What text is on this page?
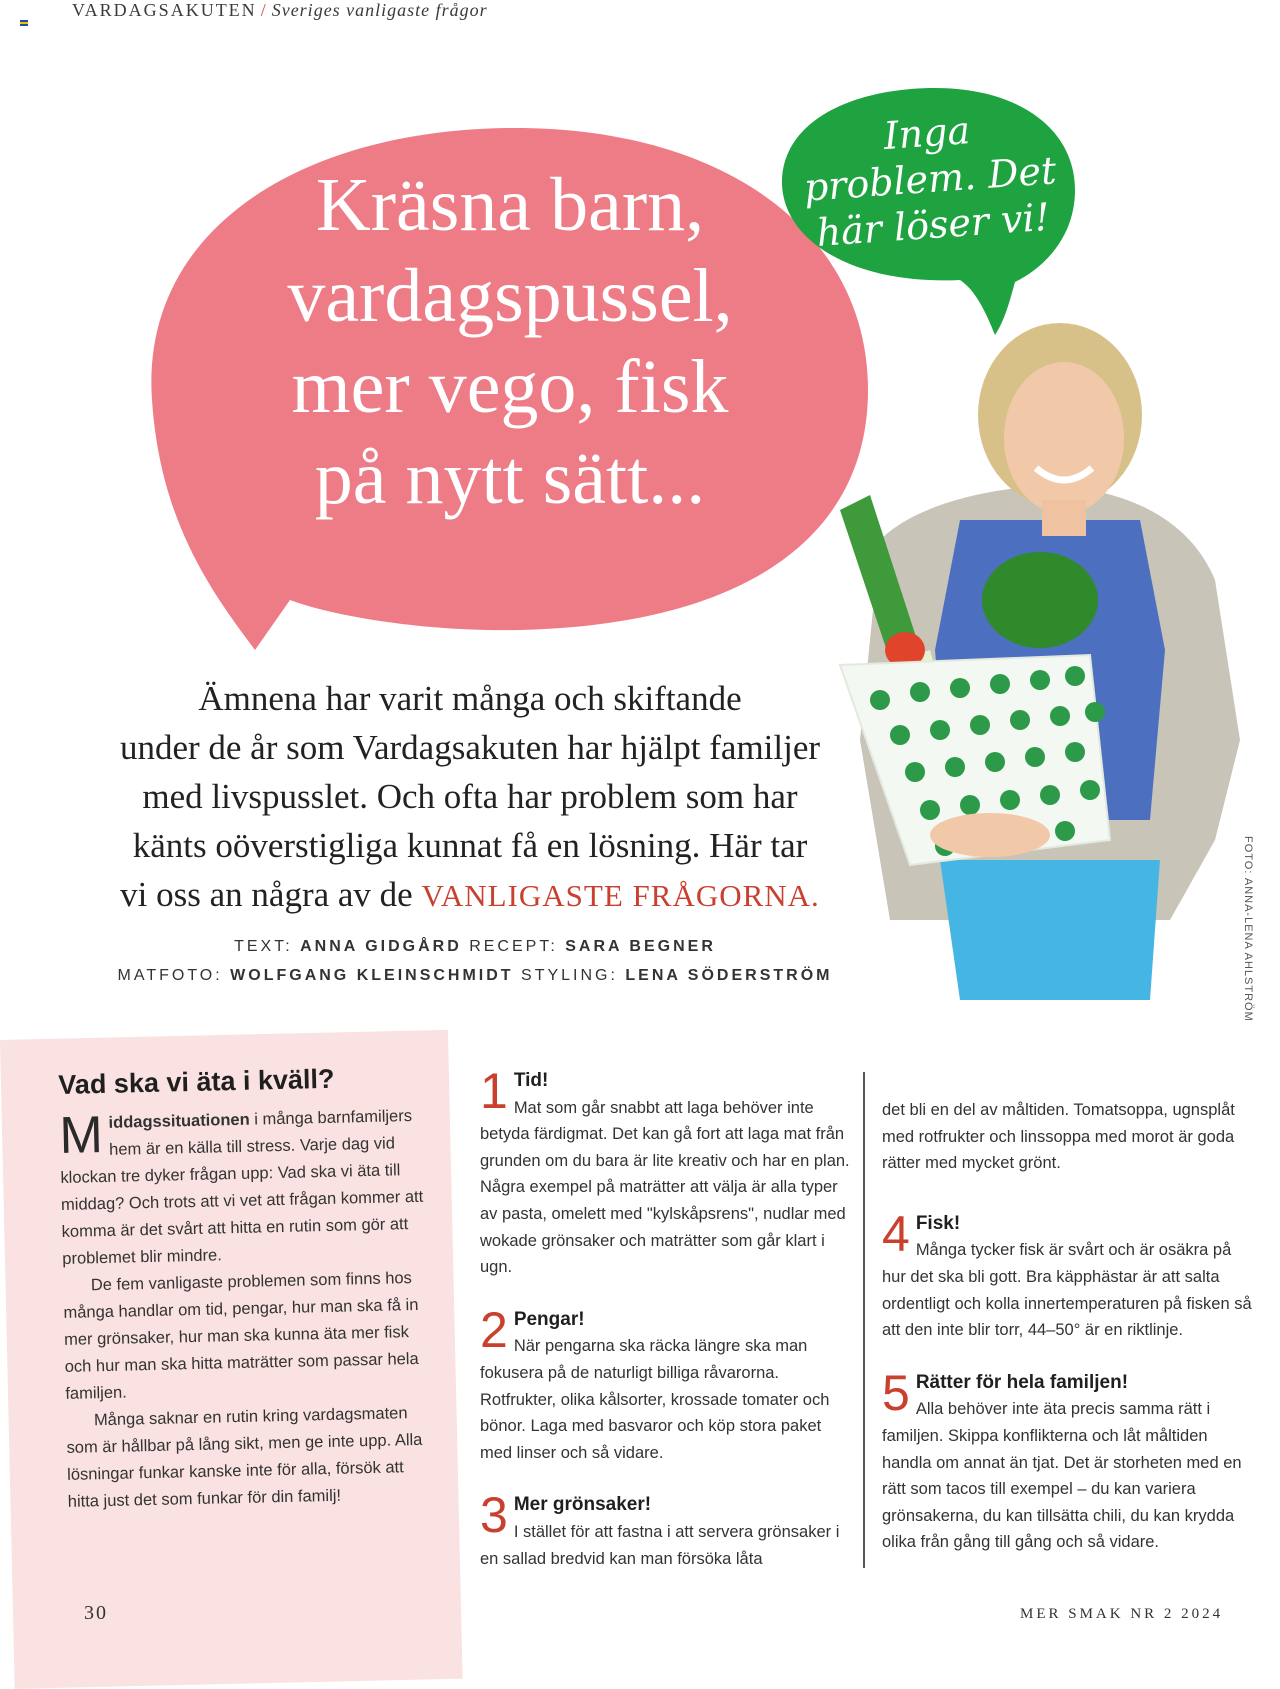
VARDAGSAKUTEN / Sveriges vanligaste frågor
Kräsna barn,
vardagspussel,
mer vego, fisk
på nytt sätt...
Inga
problem. Det
här löser vi!
Ämnena har varit många och skiftande
under de år som Vardagsakuten har hjälpt familjer
med livspusslet. Och ofta har problem som har
känts oöverstigliga kunnat få en lösning. Här tar
vi oss an några av de VANLIGASTE FRÅGORNA.
TEXT: ANNA GIDGÅRD RECEPT: SARA BEGNER
MATFOTO: WOLFGANG KLEINSCHMIDT STYLING: LENA SÖDERSTRÖM	FOTO: ANNA-LENA AHLSTRÖM
Vad ska vi äta i kväll?

Middagssituationen i många barnfamiljers hem är en källa till stress. Varje dag vid klockan tre dyker frågan upp: Vad ska vi äta till middag? Och trots att vi vet att frågan kommer att komma är det svårt att hitta en rutin som gör att problemet blir mindre.

De fem vanligaste problemen som finns hos många handlar om tid, pengar, hur man ska få in mer grönsaker, hur man ska kunna äta mer fisk och hur man ska hitta maträtter som passar hela familjen.

Många saknar en rutin kring vardagsmaten som är hållbar på lång sikt, men ge inte upp. Alla lösningar funkar kanske inte för alla, försök att hitta just det som funkar för din familj!

1 Tid!

Mat som går snabbt att laga behöver inte betyda färdigmat. Det kan gå fort att laga mat från grunden om du bara är lite kreativ och har en plan. Några exempel på maträtter att välja är alla typer av pasta, omelett med "kylskåpsrens", nudlar med wokade grönsaker och maträtter som går klart i ugn.

2 Pengar!

När pengarna ska räcka längre ska man fokusera på de naturligt billiga råvarorna. Rotfrukter, olika kålsorter, krossade tomater och bönor. Laga med basvaror och köp stora paket med linser och så vidare.

3 Mer grönsaker!

I stället för att fastna i att servera grönsaker i en sallad bredvid kan man försöka låta

det bli en del av måltiden. Tomatsoppa, ugnsplåt med rotfrukter och linssoppa med morot är goda rätter med mycket grönt.

4 Fisk!

Många tycker fisk är svårt och är osäkra på hur det ska bli gott. Bra käpphästar är att salta ordentligt och kolla innertemperaturen på fisken så att den inte blir torr, 44–50° är en riktlinje.

5 Rätter för hela familjen!

Alla behöver inte äta precis samma rätt i familjen. Skippa konflikterna och låt måltiden handla om annat än tjat. Det är storheten med en rätt som tacos till exempel – du kan variera grönsakerna, du kan tillsätta chili, du kan krydda olika från gång till gång och så vidare.

30	MER SMAK NR 2 2024
